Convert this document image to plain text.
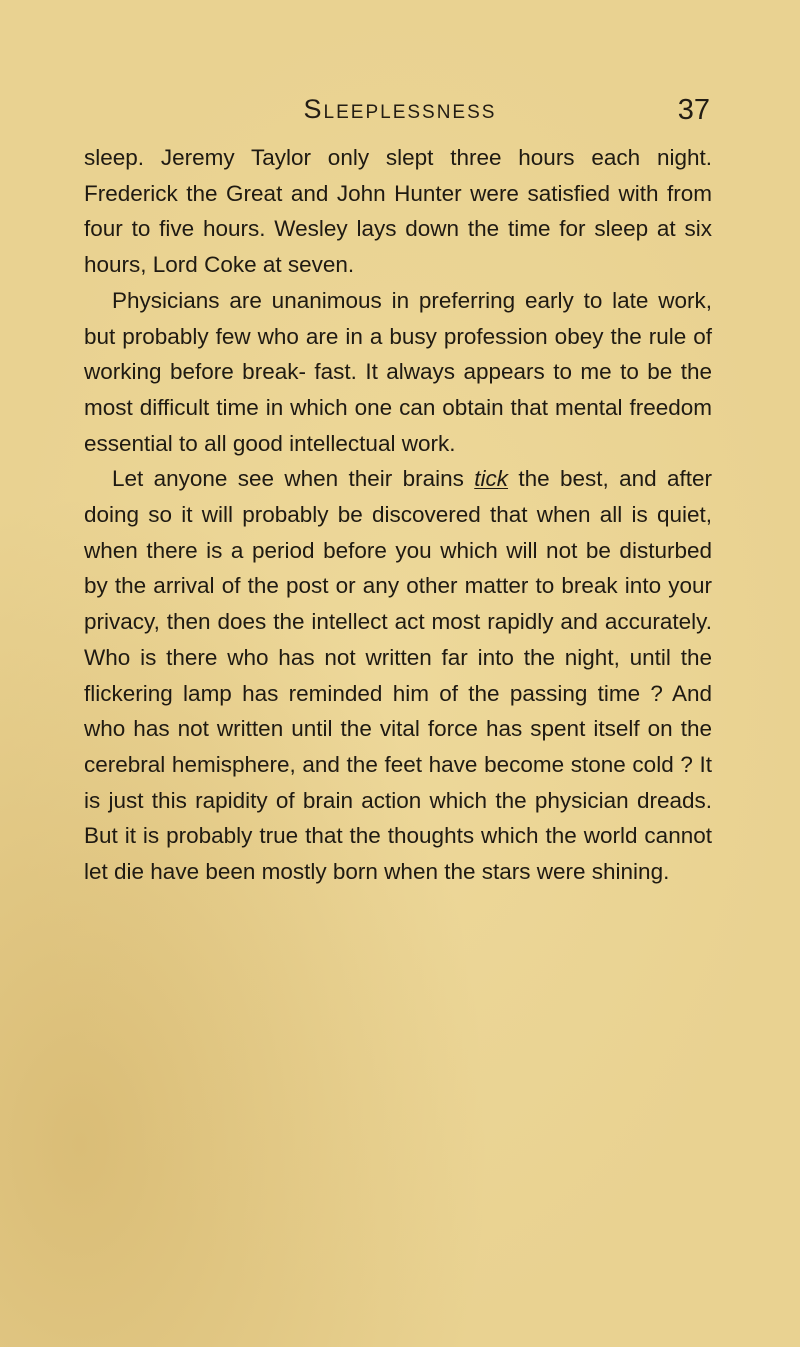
Sleeplessness	37

sleep. Jeremy Taylor only slept three hours each night. Frederick the Great and John Hunter were satisfied with from four to five hours. Wesley lays down the time for sleep at six hours, Lord Coke at seven.

Physicians are unanimous in preferring early to late work, but probably few who are in a busy profession obey the rule of working before break- fast. It always appears to me to be the most difficult time in which one can obtain that mental freedom essential to all good intellectual work.

Let anyone see when their brains tick the best, and after doing so it will probably be discovered that when all is quiet, when there is a period before you which will not be disturbed by the arrival of the post or any other matter to break into your privacy, then does the intellect act most rapidly and accurately. Who is there who has not written far into the night, until the flickering lamp has reminded him of the passing time ? And who has not written until the vital force has spent itself on the cerebral hemisphere, and the feet have become stone cold ? It is just this rapidity of brain action which the physician dreads. But it is probably true that the thoughts which the world cannot let die have been mostly born when the stars were shining.
